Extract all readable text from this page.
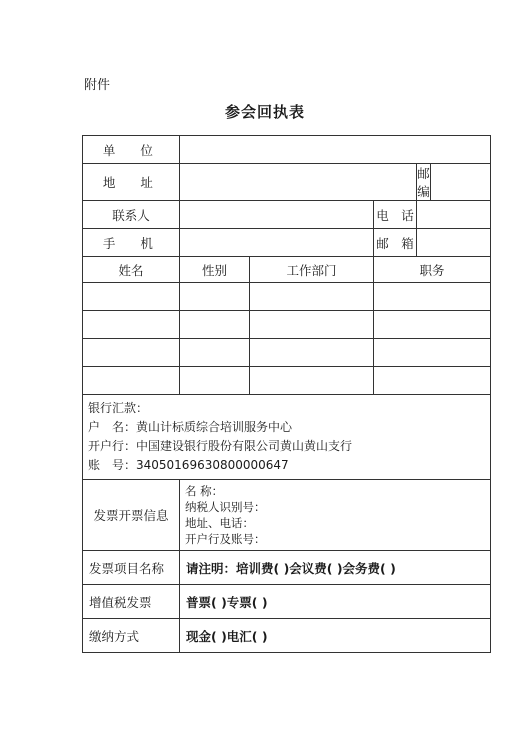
附件
参会回执表
单　位					
地　址				邮编	
联系人			电　话		
手　机			邮　箱		
姓名	性别	工作部门	职务		

银行汇款：
户　名：黄山计标质综合培训服务中心
开户行：中国建设银行股份有限公司黄山黄山支行
账　号：34050169630800000647					

发票开票信息	名 称：
纳税人识别号：
地址、电话：
开户行及账号：				

发票项目名称	请注明：培训费( )会议费( )会务费( )				
增值税发票	普票( )专票( )				
缴纳方式	现金( )电汇( )				
